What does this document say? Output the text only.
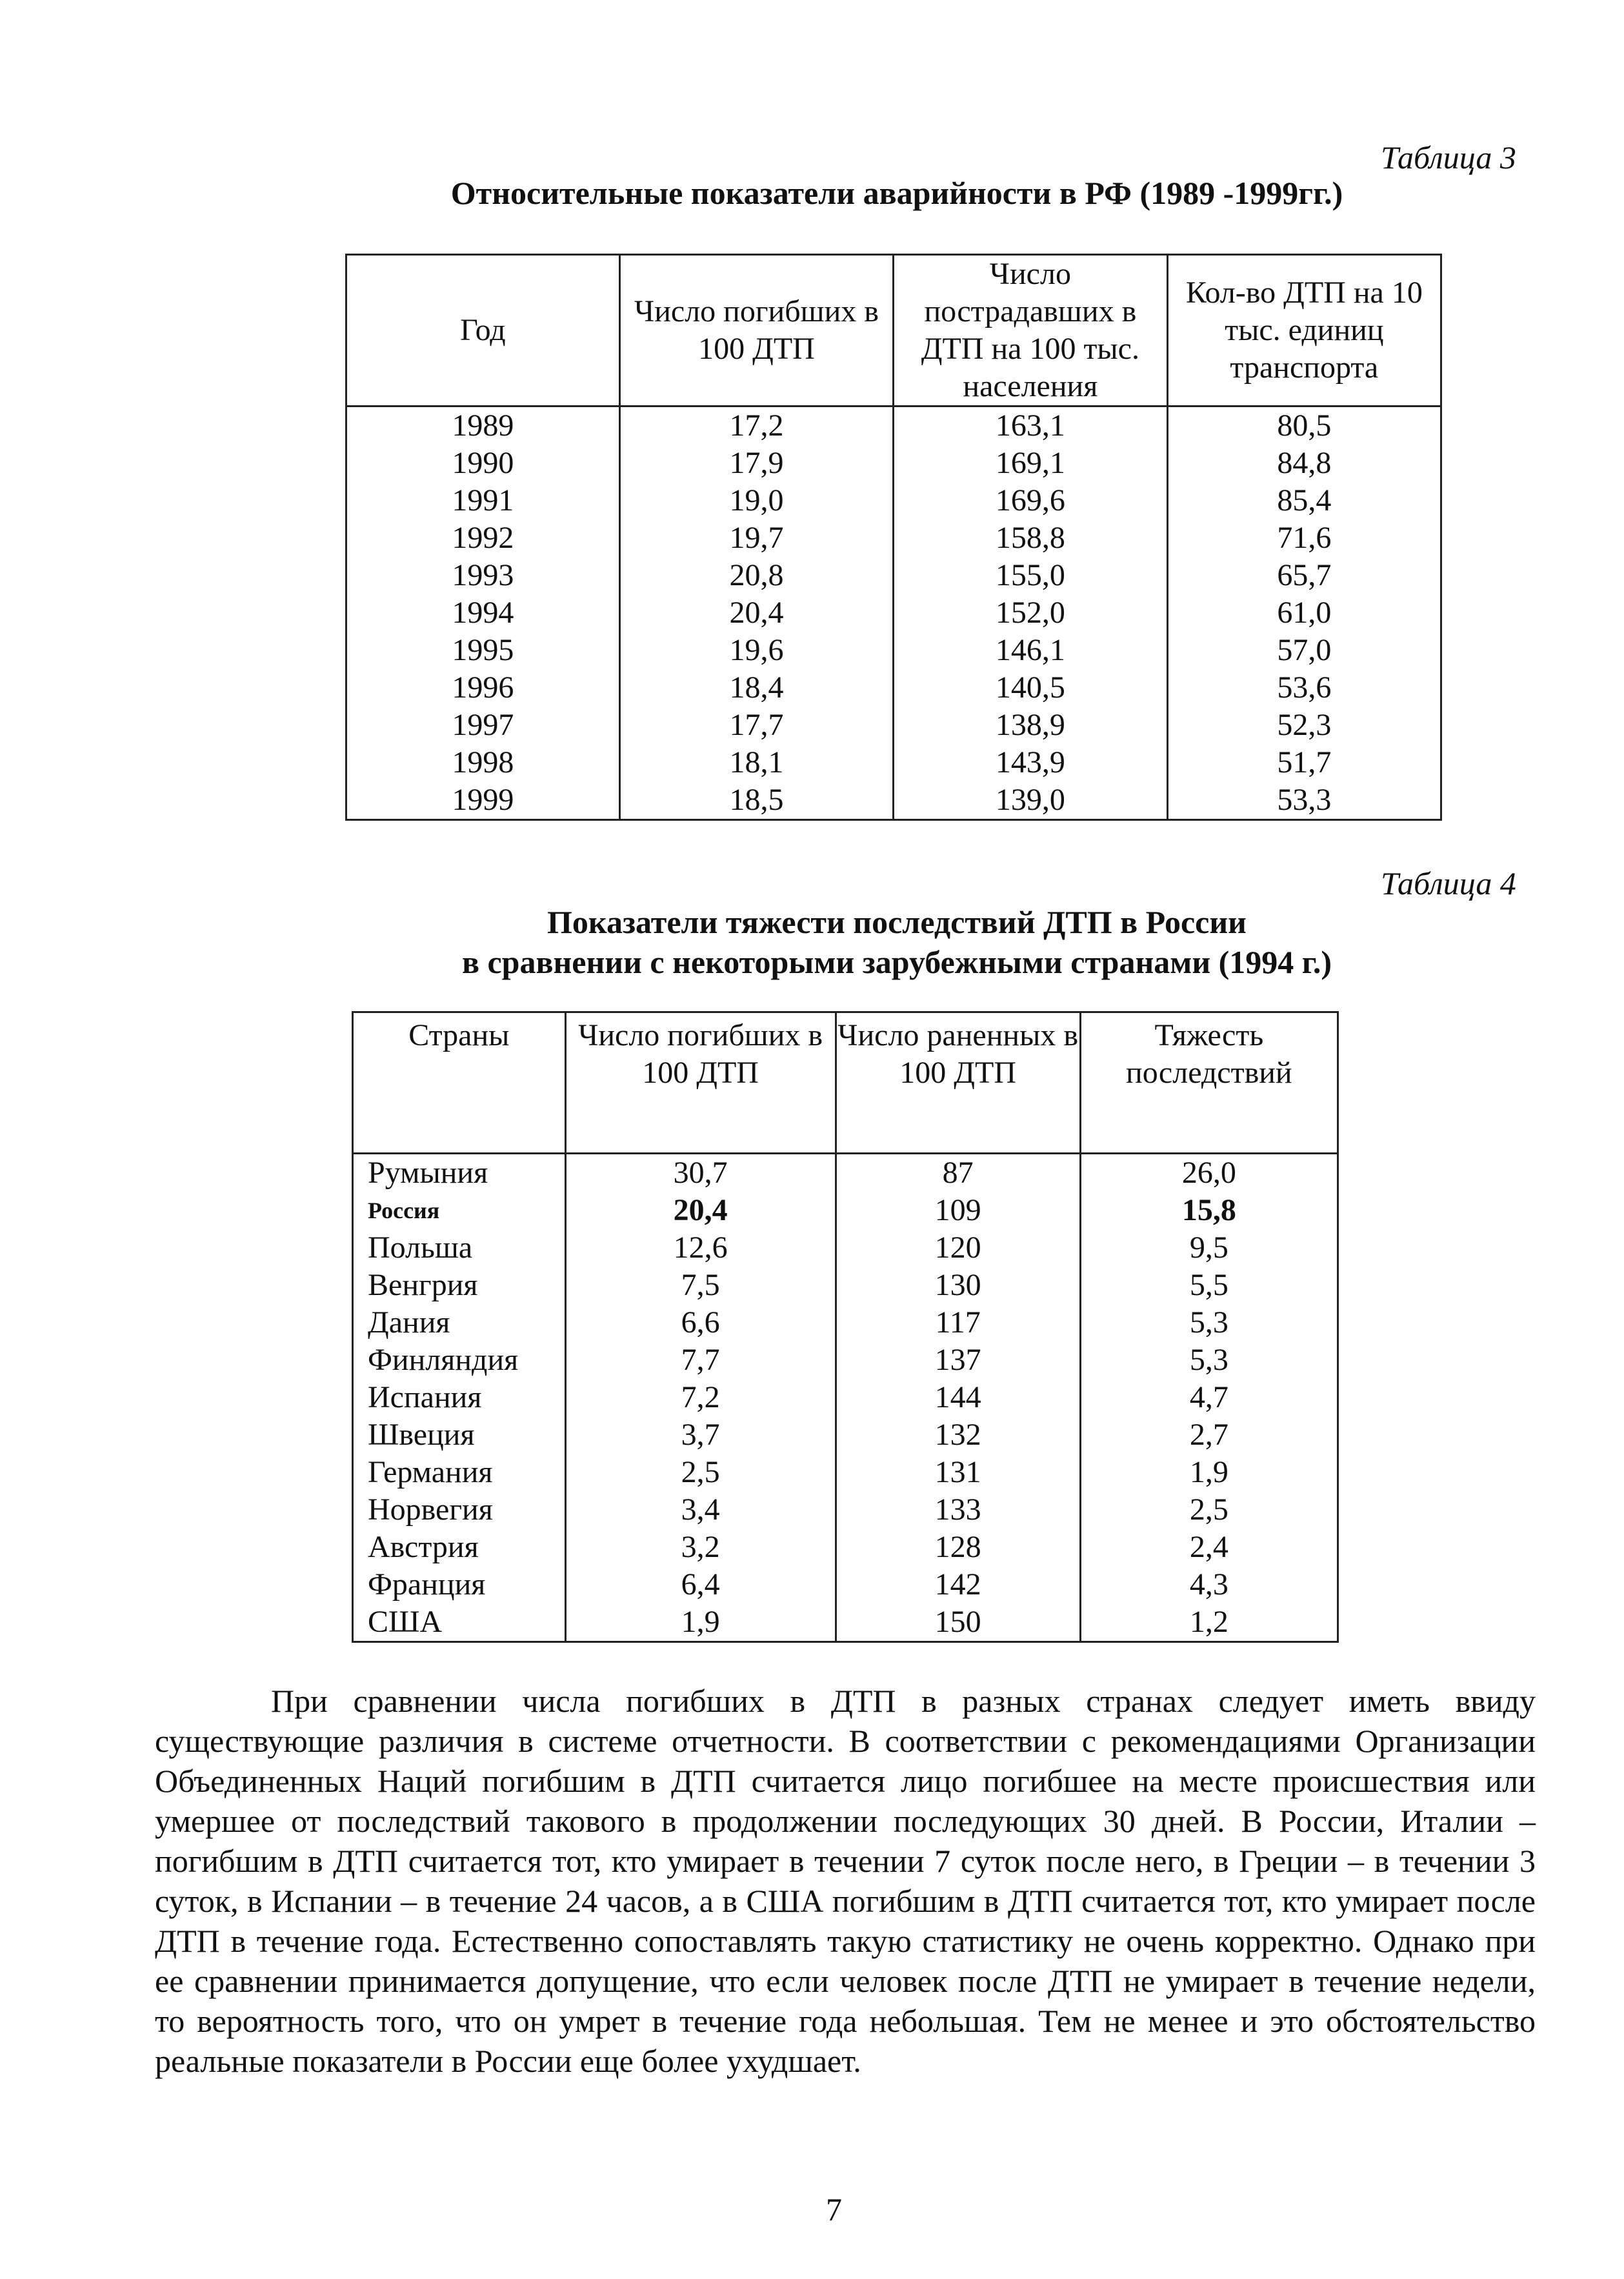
Таблица 3
Относительные показатели аварийности в РФ (1989 -1999гг.)
Год	Число погибших в 100 ДТП	Число пострадавших в ДТП на 100 тыс. населения	Кол-во ДТП на 10 тыс. единиц транспорта
1989	17,2	163,1	80,5
1990	17,9	169,1	84,8
1991	19,0	169,6	85,4
1992	19,7	158,8	71,6
1993	20,8	155,0	65,7
1994	20,4	152,0	61,0
1995	19,6	146,1	57,0
1996	18,4	140,5	53,6
1997	17,7	138,9	52,3
1998	18,1	143,9	51,7
1999	18,5	139,0	53,3
Таблица 4
Показатели тяжести последствий ДТП в России
в сравнении с некоторыми зарубежными странами (1994 г.)
Страны	Число погибших в 100 ДТП	Число раненных в 100 ДТП	Тяжесть последствий
Румыния	30,7	87	26,0
Россия	20,4	109	15,8
Польша	12,6	120	9,5
Венгрия	7,5	130	5,5
Дания	6,6	117	5,3
Финляндия	7,7	137	5,3
Испания	7,2	144	4,7
Швеция	3,7	132	2,7
Германия	2,5	131	1,9
Норвегия	3,4	133	2,5
Австрия	3,2	128	2,4
Франция	6,4	142	4,3
США	1,9	150	1,2
При сравнении числа погибших в ДТП в разных странах следует иметь ввиду существующие различия в системе отчетности. В соответствии с рекомендациями Организации Объединенных Наций погибшим в ДТП считается лицо погибшее на месте происшествия или умершее от последствий такового в продолжении последующих 30 дней. В России, Италии – погибшим в ДТП считается тот, кто умирает в течении 7 суток после него, в Греции – в течении 3 суток, в Испании – в течение 24 часов, а в США погибшим в ДТП считается тот, кто умирает после ДТП в течение года. Естественно сопоставлять такую статистику не очень корректно. Однако при ее сравнении принимается допущение, что если человек после ДТП не умирает в течение недели, то вероятность того, что он умрет в течение года небольшая. Тем не менее и это обстоятельство реальные показатели в России еще более ухудшает.
7
